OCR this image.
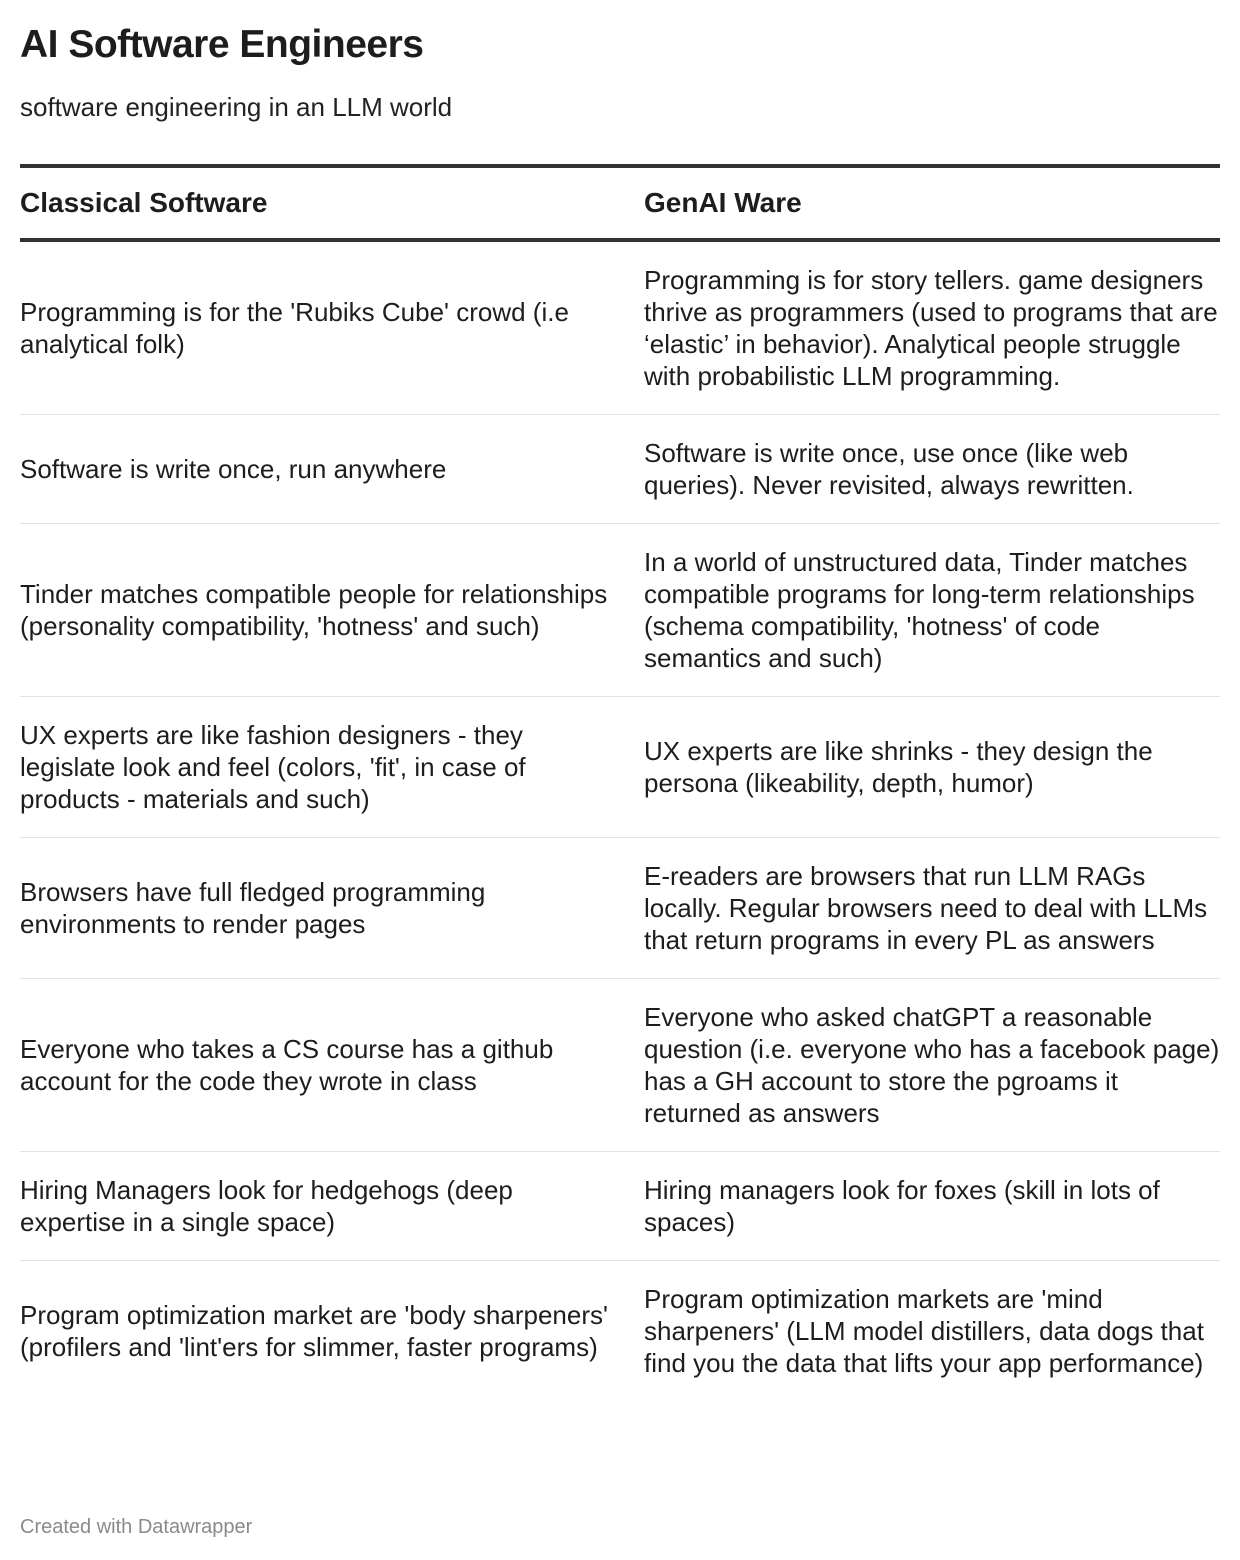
AI Software Engineers
software engineering in an LLM world
Classical Software	GenAI Ware
Programming is for the 'Rubiks Cube' crowd (i.e analytical folk)	Programming is for story tellers. game designers thrive as programmers (used to programs that are ‘elastic’ in behavior). Analytical people struggle with probabilistic LLM programming.
Software is write once, run anywhere	Software is write once, use once (like web queries). Never revisited, always rewritten.
Tinder matches compatible people for relationships (personality compatibility, 'hotness' and such)	In a world of unstructured data, Tinder matches compatible programs for long-term relationships (schema compatibility, 'hotness' of code semantics and such)
UX experts are like fashion designers - they legislate look and feel (colors, 'fit', in case of products - materials and such)	UX experts are like shrinks - they design the persona (likeability, depth, humor)
Browsers have full fledged programming environments to render pages	E-readers are browsers that run LLM RAGs locally. Regular browsers need to deal with LLMs that return programs in every PL as answers
Everyone who takes a CS course has a github account for the code they wrote in class	Everyone who asked chatGPT a reasonable question (i.e. everyone who has a facebook page) has a GH account to store the pgroams it returned as answers
Hiring Managers look for hedgehogs (deep expertise in a single space)	Hiring managers look for foxes (skill in lots of spaces)
Program optimization market are 'body sharpeners' (profilers and 'lint'ers for slimmer, faster programs)	Program optimization markets are 'mind sharpeners' (LLM model distillers, data dogs that find you the data that lifts your app performance)
Created with Datawrapper
